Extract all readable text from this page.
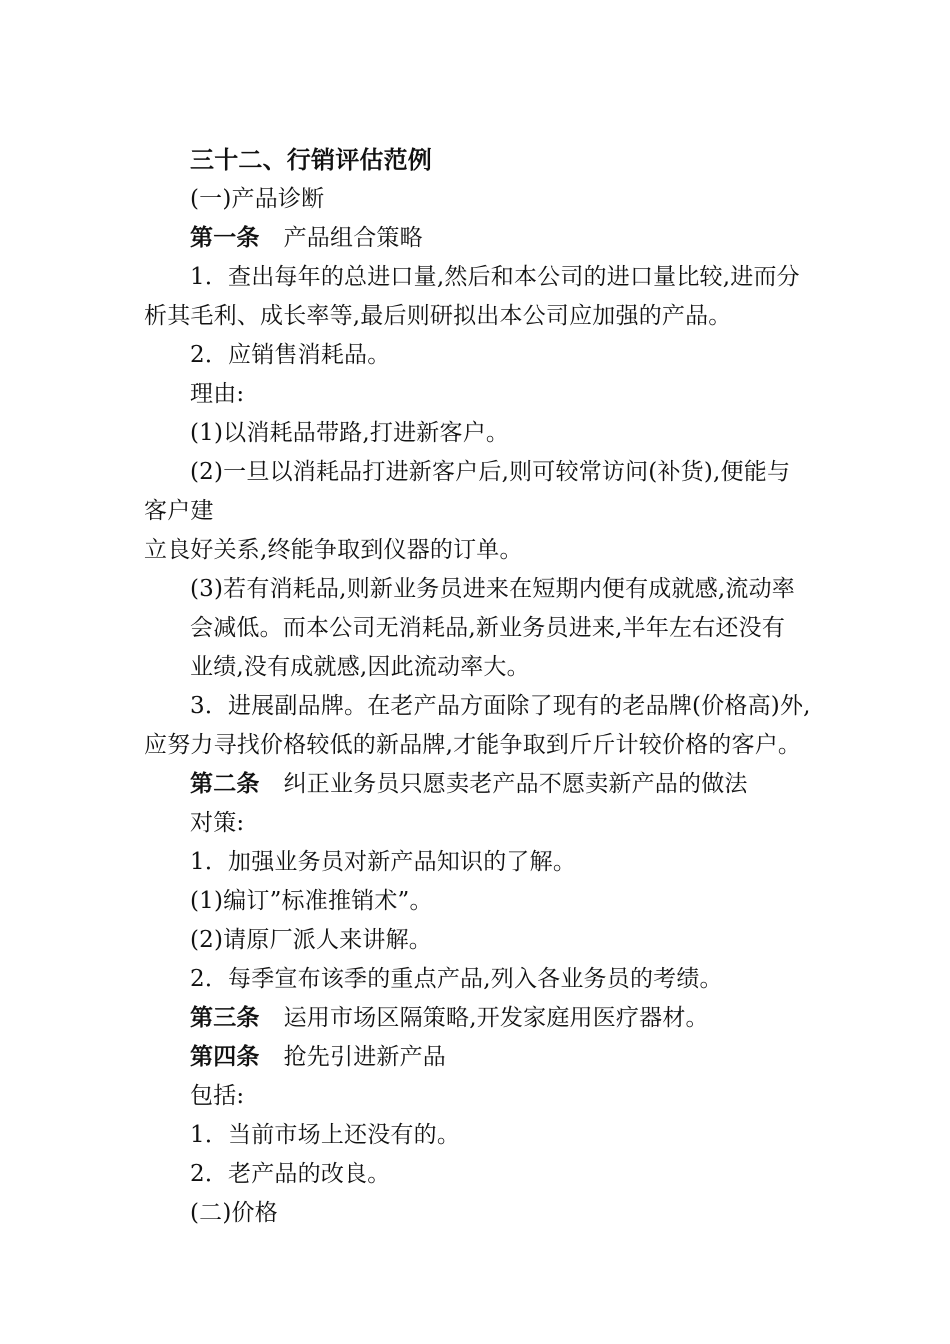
三十二、行销评估范例
(一)产品诊断
第一条 产品组合策略
1．查出每年的总进口量,然后和本公司的进口量比较,进而分
析其毛利、成长率等,最后则研拟出本公司应加强的产品。
2．应销售消耗品。
理由:
(1)以消耗品带路,打进新客户。
(2)一旦以消耗品打进新客户后,则可较常访问(补货),便能与
客户建
立良好关系,终能争取到仪器的订单。
(3)若有消耗品,则新业务员进来在短期内便有成就感,流动率
会减低。而本公司无消耗品,新业务员进来,半年左右还没有
业绩,没有成就感,因此流动率大。
3．进展副品牌。在老产品方面除了现有的老品牌(价格高)外,
应努力寻找价格较低的新品牌,才能争取到斤斤计较价格的客户。
第二条 纠正业务员只愿卖老产品不愿卖新产品的做法
对策:
1．加强业务员对新产品知识的了解。
(1)编订”标准推销术”。
(2)请原厂派人来讲解。
2．每季宣布该季的重点产品,列入各业务员的考绩。
第三条 运用市场区隔策略,开发家庭用医疗器材。
第四条 抢先引进新产品
包括:
1．当前市场上还没有的。
2．老产品的改良。
(二)价格
